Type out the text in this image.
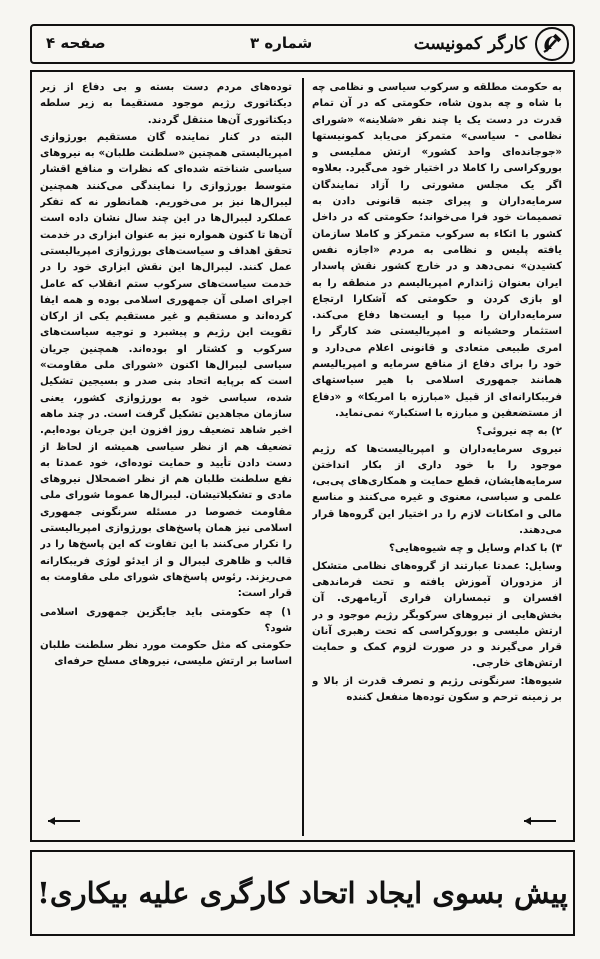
کارگر کمونیست
شماره ۳
صفحه ۴

به حکومت مطلقه و سرکوب سیاسی و نظامی چه با شاه و چه بدون شاه، حکومتی که در آن تمام قدرت در دست یک یا چند نفر «شلاینه» «شورای نظامی - سیاسی» متمرکز می‌یابد کمونیستها «جوجانده‌ای واحد کشور» ارتش مملیسی و بوروکراسی را کاملا در اختیار خود می‌گیرد. بعلاوه اگر یک مجلس مشورتی را آزاد نمایندگان سرمایه‌داران و پیرای جنبه قانونی دادن به تصمیمات خود فرا می‌خواند؛ حکومتی که در داخل کشور با اتکاء به سرکوب متمرکز و کاملا سازمان یافته پلیس و نظامی به مردم «اجازه نفس کشیدن» نمی‌دهد و در خارج کشور نقش پاسدار ایران بعنوان ژاندارم امپریالیسم در منطقه را به او بازی کردن و حکومتی که آشکارا ارتجاع سرمایه‌داران را میپا و ایست‌ها دفاع می‌کند. استثمار وحشیانه و امپریالیستی ضد کارگر را امری طبیعی متعادی و قانونی اعلام می‌دارد و خود را برای دفاع از منافع سرمایه و امپریالیسم همانند جمهوری اسلامی با هیر سیاستهای فریبکارانه‌ای از قبیل «مبارزه با امریکا» و «دفاع از مستضعفین و مبارزه با استکبار» نمی‌نماید.

۲) به چه نیروئی؟

نیروی سرمایه‌داران و امپریالیست‌ها که رژیم موجود را با خود داری از بکار انداختن سرمایه‌هایشان، قطع حمایت و همکاری‌های پی‌بی، علمی و سیاسی، معنوی و غیره می‌کنند و مناسع مالی و امکانات لازم را در اختیار این گروه‌ها قرار می‌دهند.

۳) با کدام وسایل و چه شیوه‌هایی؟

وسایل: عمدتا عبارتند از گروه‌های نظامی متشکل از مزدوران آموزش یافته و تحت فرماندهی افسران و تیمساران فراری آریامهری. آن بخش‌هایی از نیروهای سرکوبگر رژیم موجود و در ارتش ملیسی و بوروکراسی که تحت رهبری آنان قرار می‌گیرند و در صورت لزوم کمک و حمایت ارتش‌های خارجی.

شیوه‌ها: سرنگونی رژیم و تصرف قدرت از بالا و بر زمینه ترحم و سکون توده‌ها منفعل کننده

توده‌های مردم دست بسته و بی دفاع از زیر دیکتاتوری رژیم موجود مستقیما به زیر سلطه دیکتاتوری آن‌ها منتقل گردند.

البته در کنار نماینده گان مستقیم بورژوازی امپریالیستی همچنین «سلطنت طلبان» به نیروهای سیاسی شناخته شده‌ای که نظرات و منافع اقشار متوسط بورژوازی را نمایندگی می‌کنند همچنین لیبرال‌ها نیز بر می‌خوریم. همانطور نه که تفکر عملکرد لیبرال‌ها در این چند سال نشان داده است آن‌ها تا کنون همواره نیز به عنوان ابزاری در خدمت تحقق اهداف و سیاست‌های بورژوازی امپریالیستی عمل کنند. لیبرال‌ها این نقش ابزاری خود را در خدمت سیاست‌های سرکوب ستم انقلاب که عامل اجرای اصلی آن جمهوری اسلامی بوده و همه ایفا کرده‌اند و مستقیم و غیر مستقیم یکی از ارکان تقویت این رژیم و پیشبرد و توجیه سیاست‌های سرکوب و کشتار او بوده‌اند. همچنین جریان سیاسی لیبرال‌ها اکنون «شورای ملی مقاومت» است که برپایه اتحاد بنی صدر و بسیجین تشکیل شده، سیاسی خود به بورژوازی کشور، یعنی سازمان مجاهدین تشکیل گرفت است. در چند ماهه اخیر شاهد تضعیف روز افزون این جریان بوده‌ایم. تضعیف هم از نظر سیاسی همیشه از لحاظ از دست دادن تأیید و حمایت توده‌ای، خود عمدتا به نفع سلطنت طلبان هم از نظر اضمحلال نیروهای مادی و تشکیلاتیشان. لیبرال‌ها عموما شورای ملی مقاومت خصوصا در مسئله سرنگونی جمهوری اسلامی نیز همان پاسخ‌های بورژوازی امپریالیستی را تکرار می‌کنند با این تفاوت که این پاسخ‌ها را در قالب و ظاهری لیبرال و از ایدئو لوژی فریبکارانه می‌ریزند. رئوس پاسخ‌های شورای ملی مقاومت به قرار است:

۱) چه حکومتی باید جایگزین جمهوری اسلامی شود؟

حکومتی که مثل حکومت مورد نظر سلطنت طلبان اساسا بر ارتش ملیسی، نیروهای مسلح حرفه‌ای

پیش بسوی ایجاد اتحاد کارگری علیه بیکاری!
